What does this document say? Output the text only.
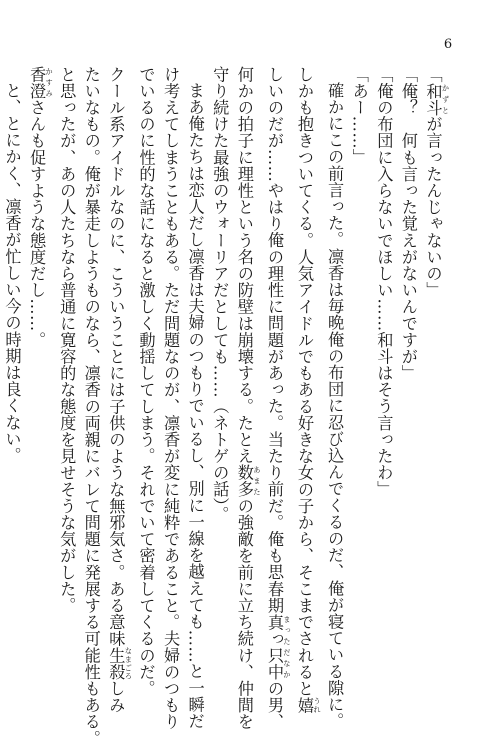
6
「和斗 かずとが言ったんじゃないの」
「俺？　何も言った覚えがないんですが」
「俺の布団に入らないでほしい……和斗はそう言ったわ」
「あー……」
確かにこの前言った。凛香は毎晩俺の布団に忍び込んでくるのだ、俺が寝ている隙に。
しかも抱きついてくる。人気アイドルでもある好きな女の子から、そこまでされると嬉 うれ
しいのだが……やはり俺の理性に問題があった。当たり前だ。俺も思春期真っ只中 まっただなかの男、
何かの拍子に理性という名の防壁は崩壊する。たとえ数多 あまたの強敵を前に立ち続け、仲間を
守り続けた最強のウォーリアだとしても……（ネトゲの話）。
まあ俺たちは恋人だし凛香は夫婦のつもりでいるし、別に一線を越えても……と一瞬だ
け考えてしまうこともある。ただ問題なのが、凛香が変に純粋であること。夫婦のつもり
でいるのに性的な話になると激しく動揺してしまう。それでいて密着してくるのだ。
クール系アイドルなのに、こういうことには子供のような無邪気さ。ある意味生殺 なまごろしみ
たいなもの。俺が暴走しようものなら、凛香の両親にバレて問題に発展する可能性もある。
と思ったが、あの人たちなら普通に寛容的な態度を見せそうな気がした。
香澄 かすみさんも促すような態度だし……。
と、とにかく、凛香が忙しい今の時期は良くない。
